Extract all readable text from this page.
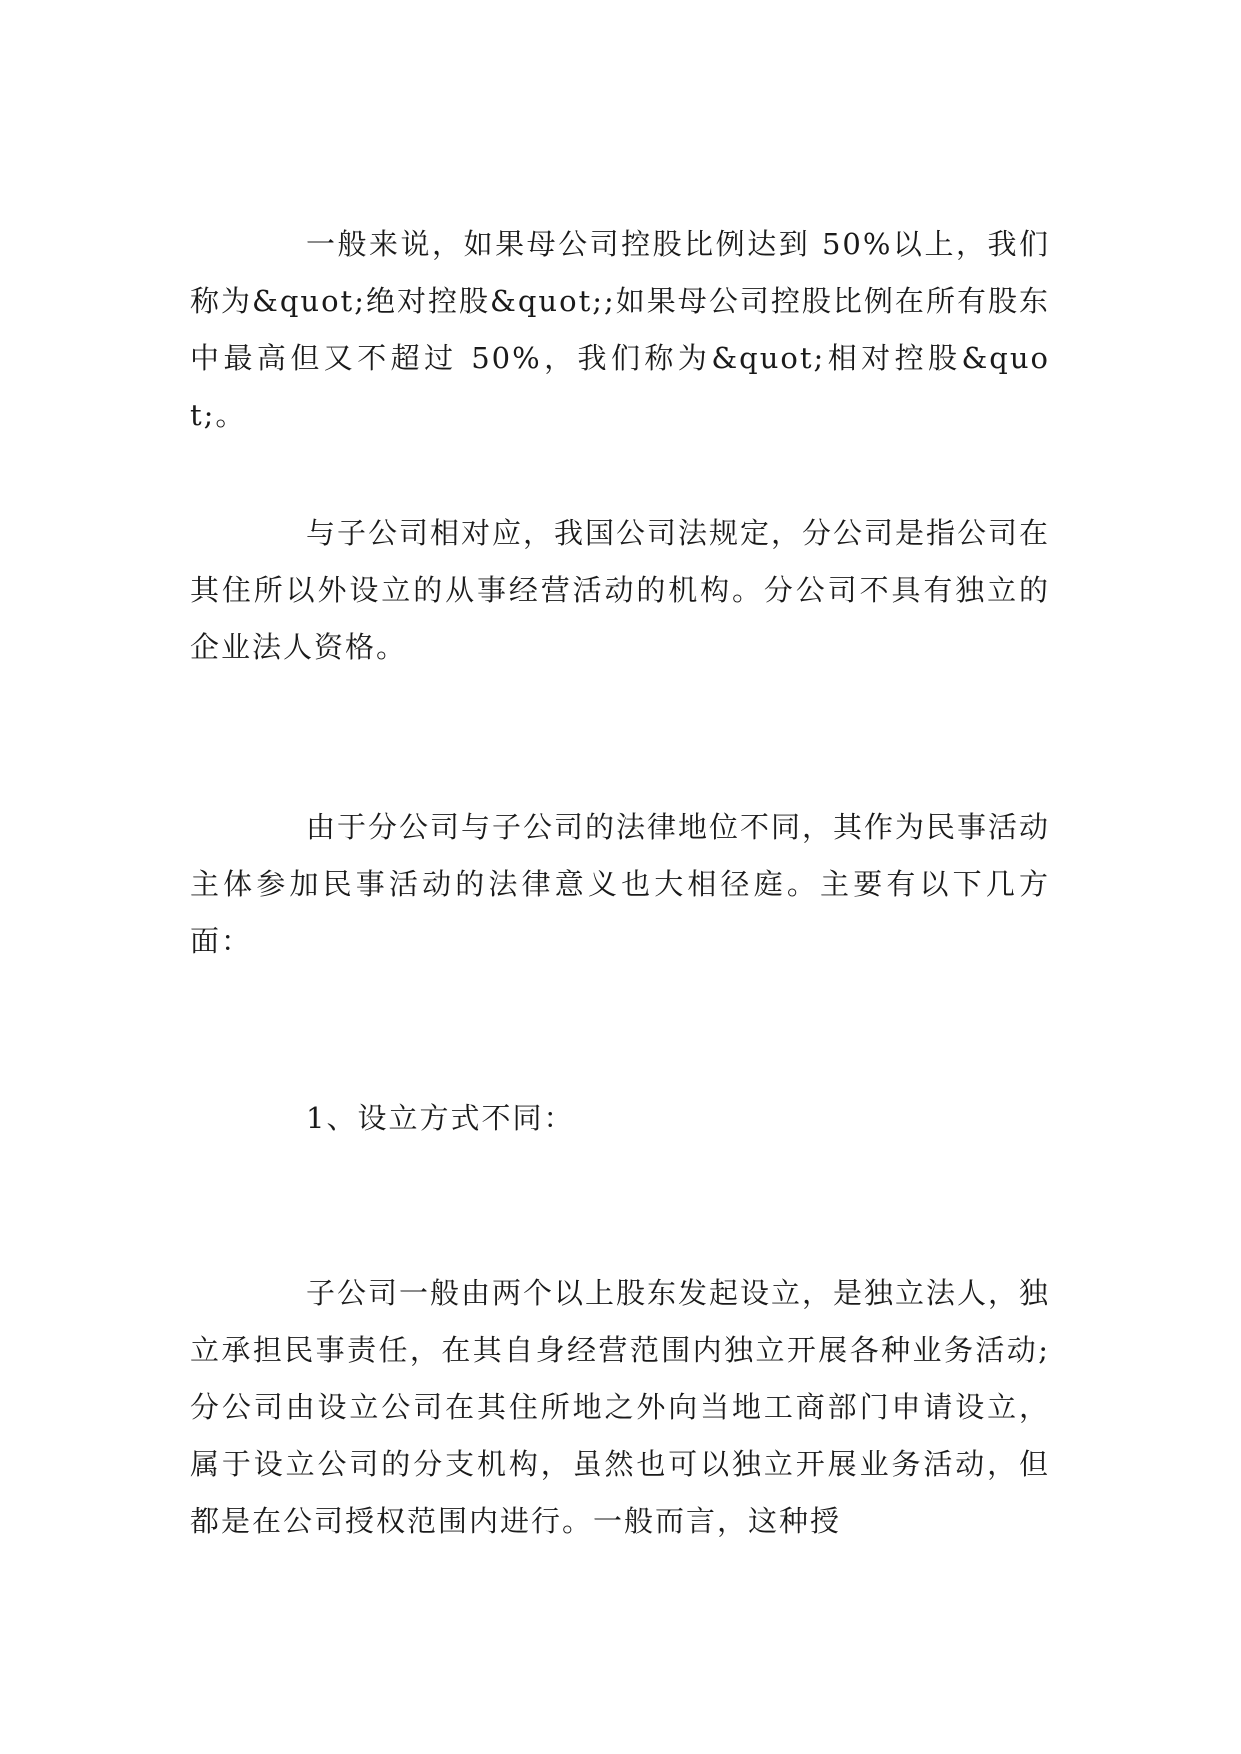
一般来说，如果母公司控股比例达到 50%以上，我们称为&quot;绝对控股&quot;;如果母公司控股比例在所有股东中最高但又不超过 50%，我们称为&quot;相对控股&quot;。

与子公司相对应，我国公司法规定，分公司是指公司在其住所以外设立的从事经营活动的机构。分公司不具有独立的企业法人资格。

由于分公司与子公司的法律地位不同，其作为民事活动主体参加民事活动的法律意义也大相径庭。主要有以下几方面：

1、设立方式不同：

子公司一般由两个以上股东发起设立，是独立法人，独立承担民事责任，在其自身经营范围内独立开展各种业务活动;分公司由设立公司在其住所地之外向当地工商部门申请设立，属于设立公司的分支机构，虽然也可以独立开展业务活动，但都是在公司授权范围内进行。一般而言，这种授
